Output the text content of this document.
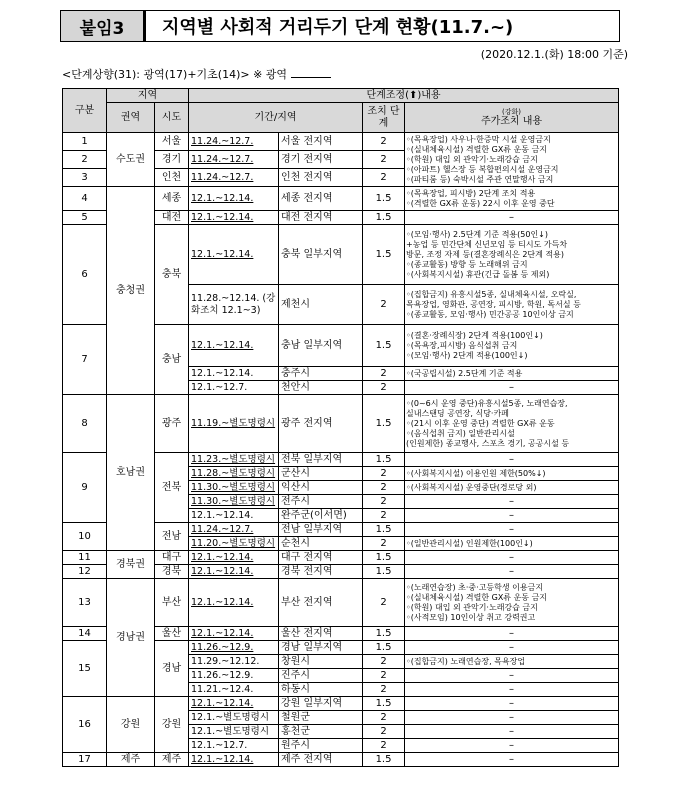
붙임3	지역별 사회적 거리두기 단계 현황(11.7.~)
(2020.12.1.(화) 18:00 기준)
<단계상향(31): 광역(17)+기초(14)> ※ 광역
구분	지역		단계조정(⬆)내용			
	권역	시도	기간/지역		조치 단계	(강화)
주가조치 내용

1	수도권	서울	11.24.~12.7.	서울 전지역	2	◦(목욕장업) 사우나·한증막 시설 운영금지
◦(실내체육시설) 격렬한 GX류 운동 금지
◦(학원) 대입 외 관악기·노래강습 금지
◦(아파트) 헬스장 등 복합편의시설 운영금지
◦(파티룸 등) 숙박시설 주관 연말행사 금지

2		경기	11.24.~12.7.	경기 전지역	2	
3		인천	11.24.~12.7.	인천 전지역	2	
4	충청권	세종	12.1.~12.14.	세종 전지역	1.5	◦(목욕장업, 피시방) 2단계 조치 적용
◦(격렬한 GX류 운동) 22시 이후 운영 중단

5		대전	12.1.~12.14.	대전 전지역	1.5	–
6		충북	12.1.~12.14.	충북 일부지역	1.5	◦(모임·행사) 2.5단계 기준 적용(50인↓)
+농업 등 민간단체 신년모임 등 티시도 가득차
방문, 조정 자제 등(결혼장례식은 2단계 적용)
◦(종교활동) 방향 등 노래해위 금지
◦(사회복지시설) 휴관(긴급 돌봄 등 제외)

			11.28.~12.14. (강화조치 12.1~3)	제천시	2	◦(집합금지) 유흥시설5종, 실내체육시설, 오락실,
목욕장업, 영화관, 공연장, 피시방, 학원, 독서실 등
◦(종교활동, 모임·행사) 민간공공 10인이상 금지

7		충남	12.1.~12.14.	충남 일부지역	1.5	◦(결혼·장례식장) 2단계 적용(100인↓)
◦(목욕장,피시방) 음식섭취 금지
◦(모임·행사) 2단계 적용(100인↓)

			12.1.~12.14.	충주시	2	◦(국공립시설) 2.5단계 기준 적용
			12.1.~12.7.	천안시	2	–
8	호남권	광주	11.19.~별도명령시	광주 전지역	1.5	◦(0~6시 운영 중단)유흥시설5종, 노래연습장,
실내스탠딩 공연장, 식당·카페
◦(21시 이후 운영 중단) 격렬한 GX류 운동
◦(음식섭취 금지) 일반관리시설
(인원제한) 종교행사, 스포츠 경기, 공공시설 등

9		전북	11.23.~별도명령시	전북 일부지역	1.5	–
			11.28.~별도명령시	군산시	2	◦(사회복지시설) 이용인원 제한(50%↓)
			11.30.~별도명령시	익산시	2	◦(사회복지시설) 운영중단(경로당 외)
			11.30.~별도명령시	전주시	2	–
			12.1.~12.14.	완주군(이서면)	2	–
10		전남	11.24.~12.7.	전남 일부지역	1.5	–
			11.20.~별도명령시	순천시	2	◦(일반관리시설) 인원제한(100인↓)
11	경북권	대구	12.1.~12.14.	대구 전지역	1.5	–
12		경북	12.1.~12.14.	경북 전지역	1.5	–
13	경남권	부산	12.1.~12.14.	부산 전지역	2	◦(노래연습장) 초·중·고등학생 이용금지
◦(실내체육시설) 격렬한 GX류 운동 금지
◦(학원) 대입 외 관악기·노래강습 금지
◦(사적모임) 10인이상 취고 강력권고

14		울산	12.1.~12.14.	울산 전지역	1.5	–
15		경남	11.26.~12.9.	경남 일부지역	1.5	–
			11.29.~12.12.	창원시	2	◦(집합금지) 노래연습장, 목욕장업
			11.26.~12.9.	진주시	2	–
			11.21.~12.4.	하동시	2	–
16	강원	강원	12.1.~12.14.	강원 일부지역	1.5	–
			12.1.~별도명령시	철원군	2	–
			12.1.~별도명령시	홍천군	2	–
			12.1.~12.7.	원주시	2	–
17	제주	제주	12.1.~12.14.	제주 전지역	1.5	–
